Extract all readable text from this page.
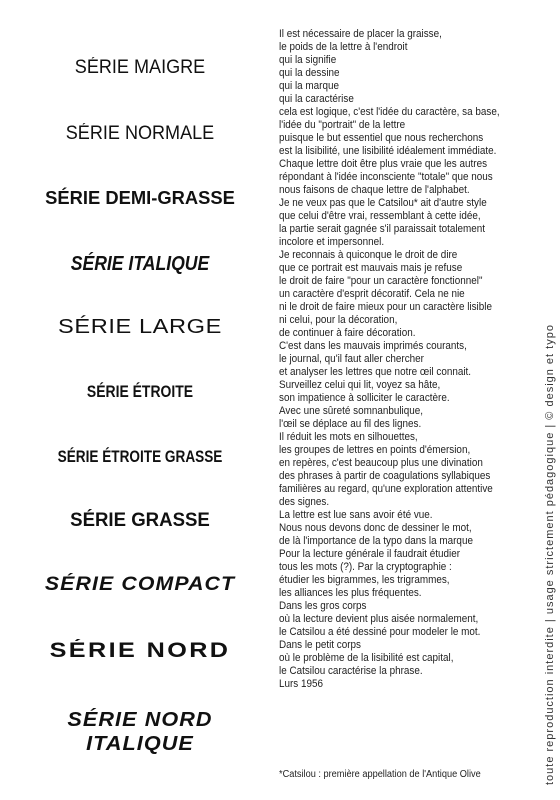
SÉRIE MAIGRE
SÉRIE NORMALE
SÉRIE DEMI-GRASSE
SÉRIE ITALIQUE
SÉRIE LARGE
SÉRIE ÉTROITE
SÉRIE ÉTROITE GRASSE
SÉRIE GRASSE
SÉRIE COMPACT
SÉRIE NORD
SÉRIE NORD ITALIQUE
Il est nécessaire de placer la graisse,
le poids de la lettre à l'endroit
qui la signifie
qui la dessine
qui la marque
qui la caractérise
cela est logique, c'est l'idée du caractère, sa base,
l'idée du "portrait" de la lettre
puisque le but essentiel que nous recherchons
est la lisibilité, une lisibilité idéalement immédiate.
Chaque lettre doit être plus vraie que les autres
répondant à l'idée inconsciente "totale" que nous
nous faisons de chaque lettre de l'alphabet.
Je ne veux pas que le Catsilou* ait d'autre style
que celui d'être vrai, ressemblant à cette idée,
la partie serait gagnée s'il paraissait totalement
incolore et impersonnel.
Je reconnais à quiconque le droit de dire
que ce portrait est mauvais mais je refuse
le droit de faire "pour un caractère fonctionnel"
un caractère d'esprit décoratif. Cela ne nie
ni le droit de faire mieux pour un caractère lisible
ni celui, pour la décoration,
de continuer à faire décoration.
C'est dans les mauvais imprimés courants,
le journal, qu'il faut aller chercher
et analyser les lettres que notre œil connait.
Surveillez celui qui lit, voyez sa hâte,
son impatience à solliciter le caractère.
Avec une sûreté somnanbulique,
l'œil se déplace au fil des lignes.
Il réduit les mots en silhouettes,
les groupes de lettres en points d'émersion,
en repères, c'est beaucoup plus une divination
des phrases à partir de coagulations syllabiques
familières au regard, qu'une exploration attentive
des signes.
La lettre est lue sans avoir été vue.
Nous nous devons donc de dessiner le mot,
de là l'importance de la typo dans la marque
Pour la lecture générale il faudrait étudier
tous les mots (?). Par la cryptographie :
étudier les bigrammes, les trigrammes,
les alliances les plus fréquentes.
Dans les gros corps
où la lecture devient plus aisée normalement,
le Catsilou a été dessiné pour modeler le mot.
Dans le petit corps
où le problème de la lisibilité est capital,
le Catsilou caractérise la phrase.
Lurs 1956
*Catsilou : première appellation de l'Antique Olive	toute reproduction interdite | usage strictement pédagogique | © design et typo
